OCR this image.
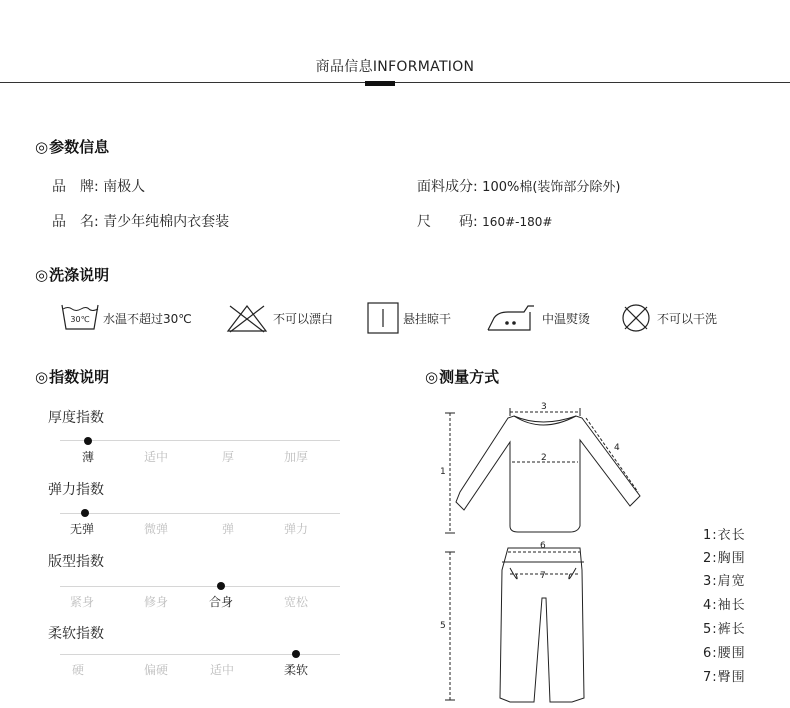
商品信息INFORMATION
◎参数信息
品　牌: 南极人	面料成分: 100%棉(装饰部分除外)
品　名: 青少年纯棉内衣套装	尺　　码: 160#-180#
◎洗涤说明
30℃ 水温不超过30℃	不可以漂白	悬挂晾干	中温熨烫	不可以干洗
◎指数说明
厚度指数
薄	适中	厚	加厚
弹力指数
无弹	微弹	弹	弹力
版型指数
紧身	修身	合身	宽松
柔软指数
硬	偏硬	适中	柔软
◎测量方式
1
2
3
4
5
6
7
1:衣长
2:胸围
3:肩宽
4:袖长
5:裤长
6:腰围
7:臀围
